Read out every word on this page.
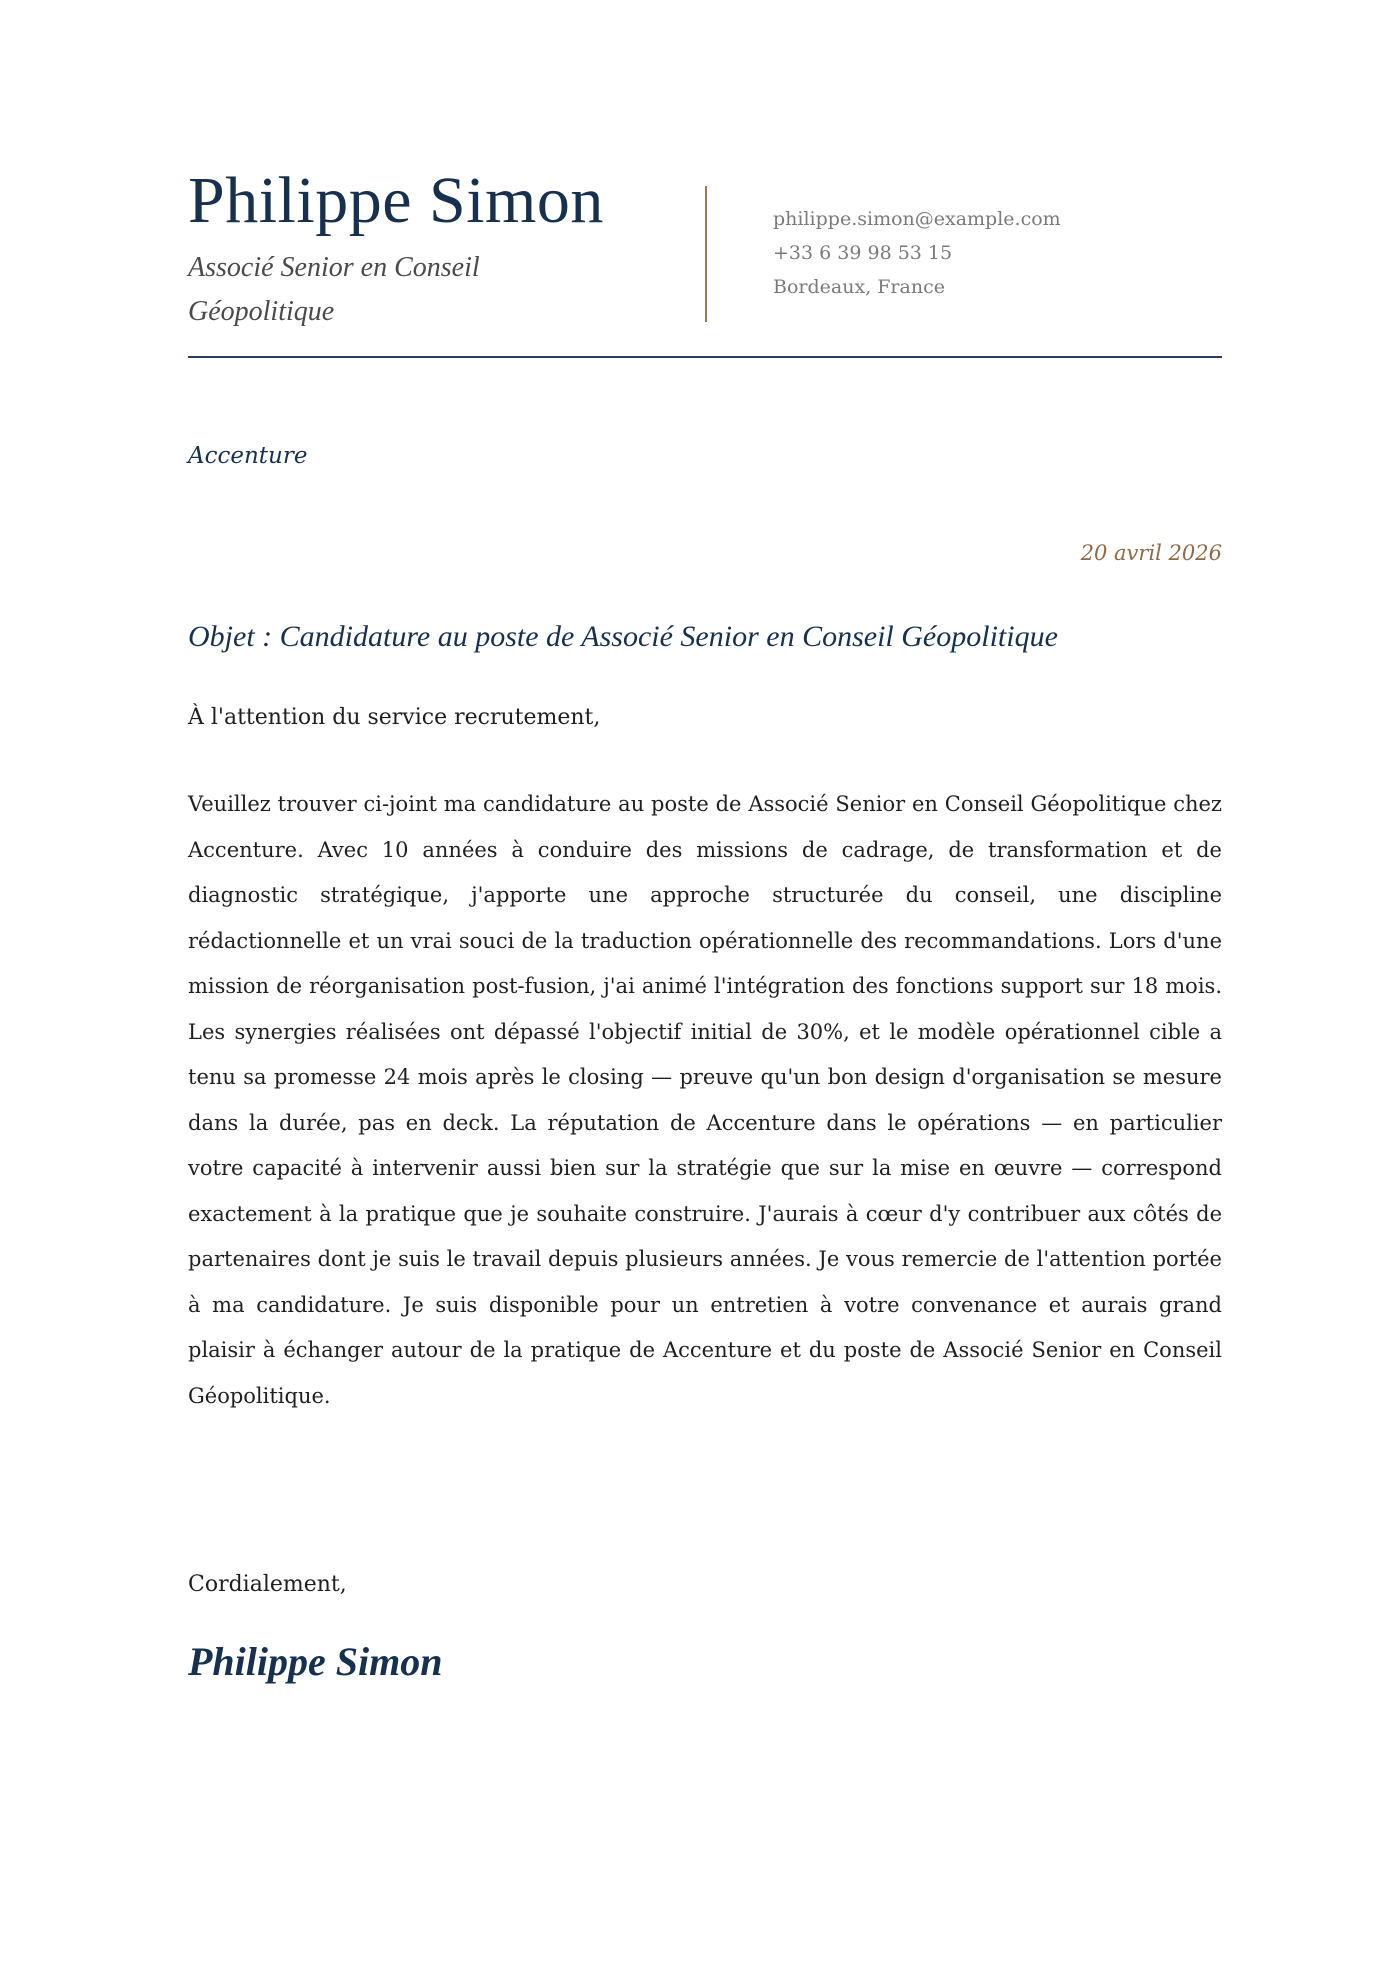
Philippe Simon
Associé Senior en Conseil Géopolitique
philippe.simon@example.com
+33 6 39 98 53 15
Bordeaux, France
Accenture
20 avril 2026
Objet : Candidature au poste de Associé Senior en Conseil Géopolitique
À l'attention du service recrutement,

Veuillez trouver ci-joint ma candidature au poste de Associé Senior en Conseil Géopolitique chez Accenture. Avec 10 années à conduire des missions de cadrage, de transformation et de diagnostic stratégique, j'apporte une approche structurée du conseil, une discipline rédactionnelle et un vrai souci de la traduction opérationnelle des recommandations. Lors d'une mission de réorganisation post-fusion, j'ai animé l'intégration des fonctions support sur 18 mois. Les synergies réalisées ont dépassé l'objectif initial de 30%, et le modèle opérationnel cible a tenu sa promesse 24 mois après le closing — preuve qu'un bon design d'organisation se mesure dans la durée, pas en deck. La réputation de Accenture dans le opérations — en particulier votre capacité à intervenir aussi bien sur la stratégie que sur la mise en œuvre — correspond exactement à la pratique que je souhaite construire. J'aurais à cœur d'y contribuer aux côtés de partenaires dont je suis le travail depuis plusieurs années. Je vous remercie de l'attention portée à ma candidature. Je suis disponible pour un entretien à votre convenance et aurais grand plaisir à échanger autour de la pratique de Accenture et du poste de Associé Senior en Conseil Géopolitique.

Cordialement,
Philippe Simon
